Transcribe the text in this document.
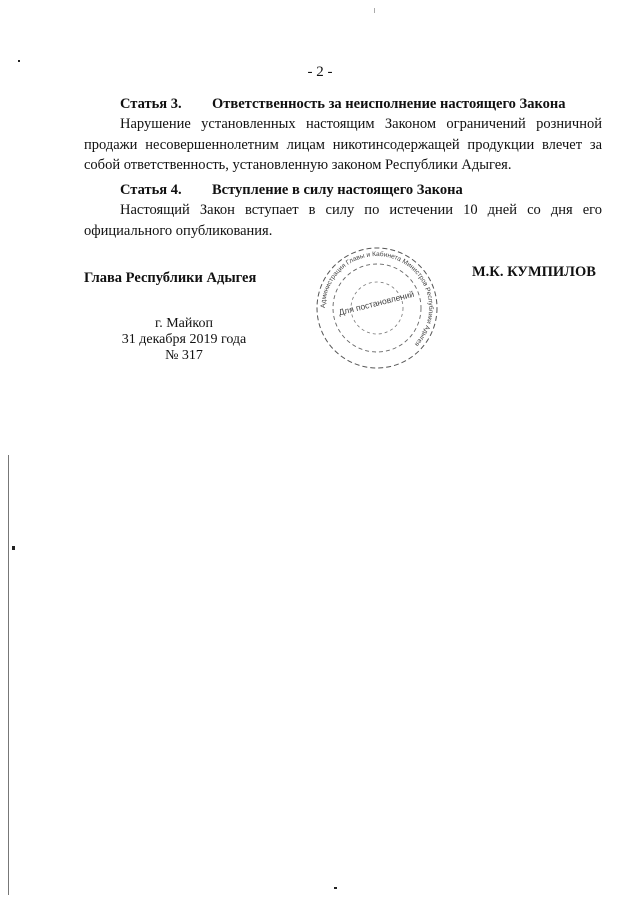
- 2 -
Статья 3. Ответственность за неисполнение настоящего Закона
Нарушение установленных настоящим Законом ограничений розничной продажи несовершеннолетним лицам никотинсодержащей продукции влечет за собой ответственность, установленную законом Республики Адыгея.
Статья 4. Вступление в силу настоящего Закона
Настоящий Закон вступает в силу по истечении 10 дней со дня его официального опубликования.
Глава Республики Адыгея	М.К. КУМПИЛОВ
Администрация Главы и Кабинета Министров Республики Адыгея
Для постановлений
г. Майкоп
31 декабря 2019 года
№ 317
